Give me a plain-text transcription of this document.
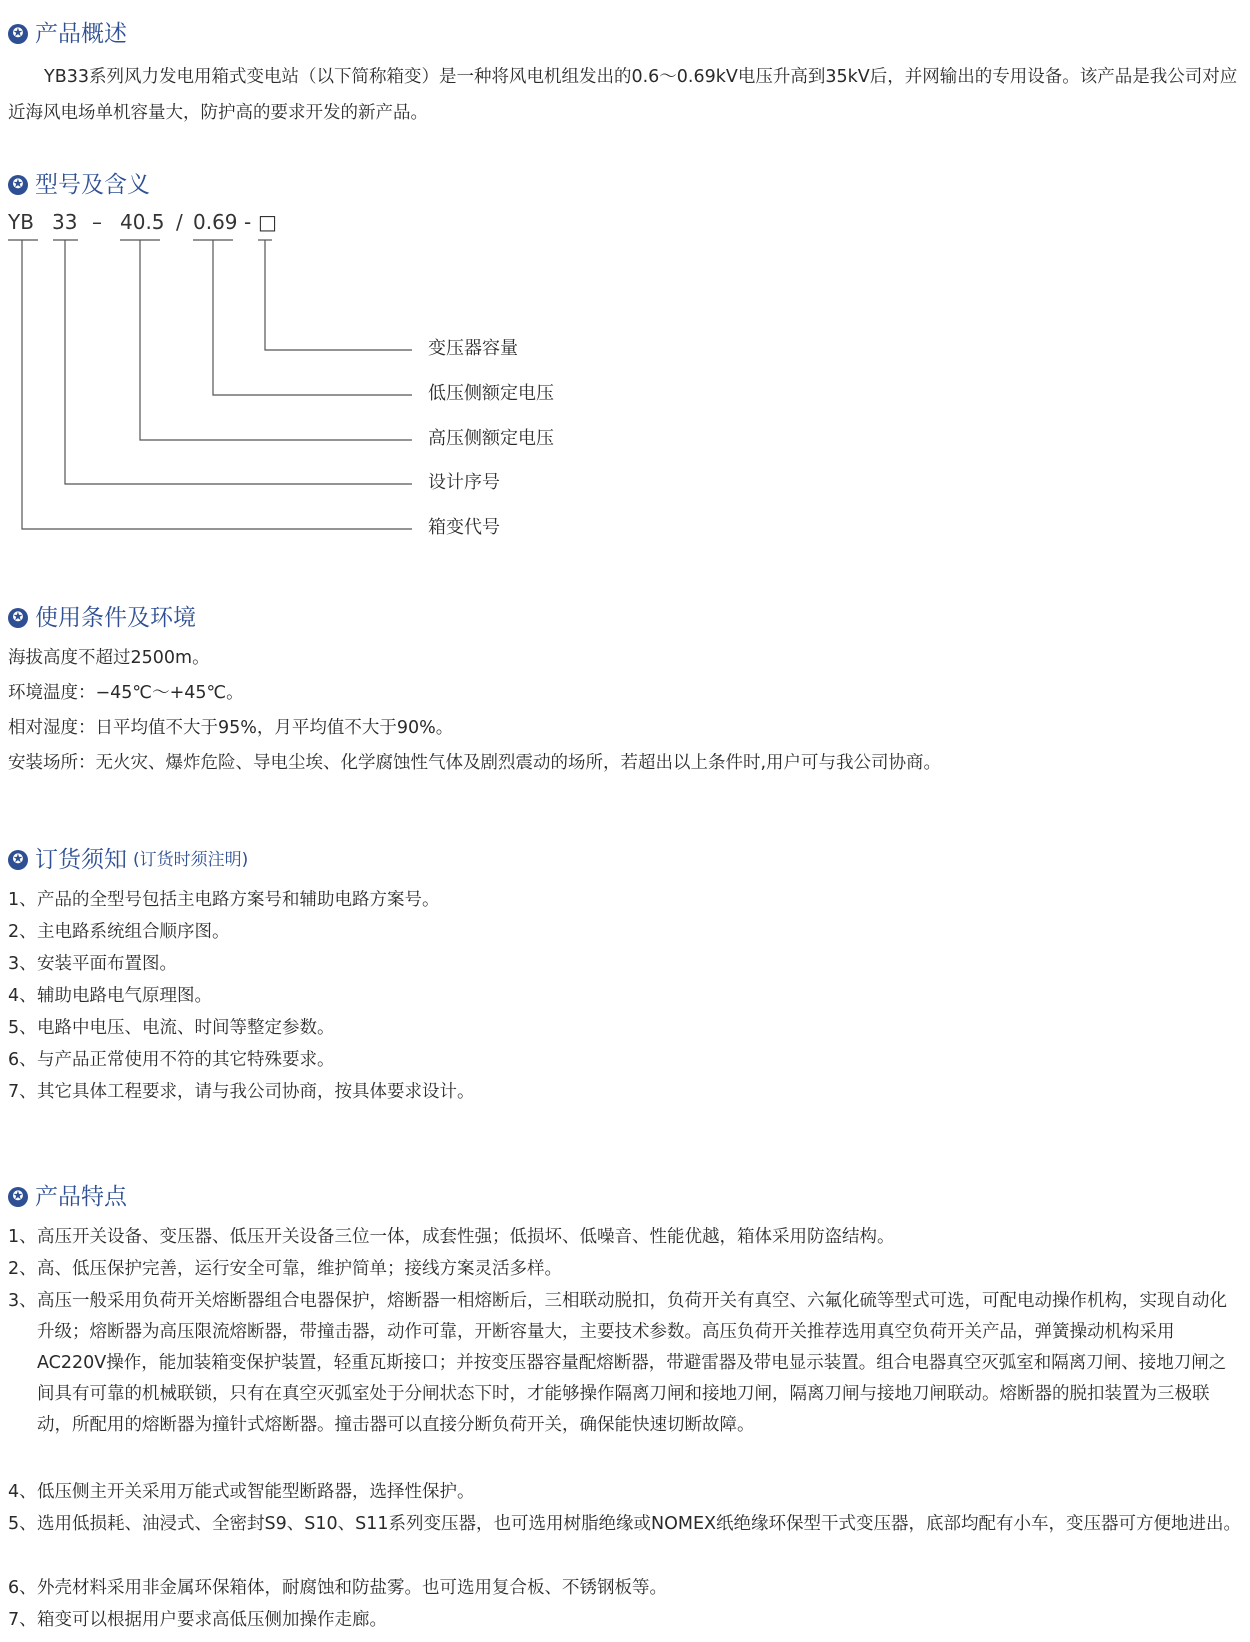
✪ 产品概述

YB33系列风力发电用箱式变电站（以下简称箱变）是一种将风电机组发出的0.6～0.69kV电压升高到35kV后，并网输出的专用设备。该产品是我公司对应近海风电场单机容量大，防护高的要求开发的新产品。

✪ 型号及含义
YB 33 – 40.5 / 0.69 - □
变压器容量
低压侧额定电压
高压侧额定电压
设计序号
箱变代号
✪ 使用条件及环境
海拔高度不超过2500m。
环境温度：−45℃～+45℃。
相对湿度：日平均值不大于95%，月平均值不大于90%。
安装场所：无火灾、爆炸危险、导电尘埃、化学腐蚀性气体及剧烈震动的场所，若超出以上条件时,用户可与我公司协商。
✪ 订货须知 (订货时须注明)
1、 产品的全型号包括主电路方案号和辅助电路方案号。
2、 主电路系统组合顺序图。
3、 安装平面布置图。
4、 辅助电路电气原理图。
5、 电路中电压、电流、时间等整定参数。
6、 与产品正常使用不符的其它特殊要求。
7、 其它具体工程要求，请与我公司协商，按具体要求设计。
✪ 产品特点
1、 高压开关设备、变压器、低压开关设备三位一体，成套性强；低损坏、低噪音、性能优越，箱体采用防盗结构。
2、 高、低压保护完善，运行安全可靠，维护简单；接线方案灵活多样。
3、 高压一般采用负荷开关熔断器组合电器保护，熔断器一相熔断后，三相联动脱扣，负荷开关有真空、六氟化硫等型式可选，可配电动操作机构，实现自动化升级；熔断器为高压限流熔断器，带撞击器，动作可靠，开断容量大，主要技术参数。高压负荷开关推荐选用真空负荷开关产品，弹簧操动机构采用AC220V操作，能加装箱变保护装置，轻重瓦斯接口；并按变压器容量配熔断器，带避雷器及带电显示装置。组合电器真空灭弧室和隔离刀闸、接地刀闸之间具有可靠的机械联锁，只有在真空灭弧室处于分闸状态下时，才能够操作隔离刀闸和接地刀闸，隔离刀闸与接地刀闸联动。熔断器的脱扣装置为三极联动，所配用的熔断器为撞针式熔断器。撞击器可以直接分断负荷开关，确保能快速切断故障。
4、 低压侧主开关采用万能式或智能型断路器，选择性保护。
5、 选用低损耗、油浸式、全密封S9、S10、S11系列变压器，也可选用树脂绝缘或NOMEX纸绝缘环保型干式变压器，底部均配有小车，变压器可方便地进出。
6、 外壳材料采用非金属环保箱体，耐腐蚀和防盐雾。也可选用复合板、不锈钢板等。
7、 箱变可以根据用户要求高低压侧加操作走廊。
